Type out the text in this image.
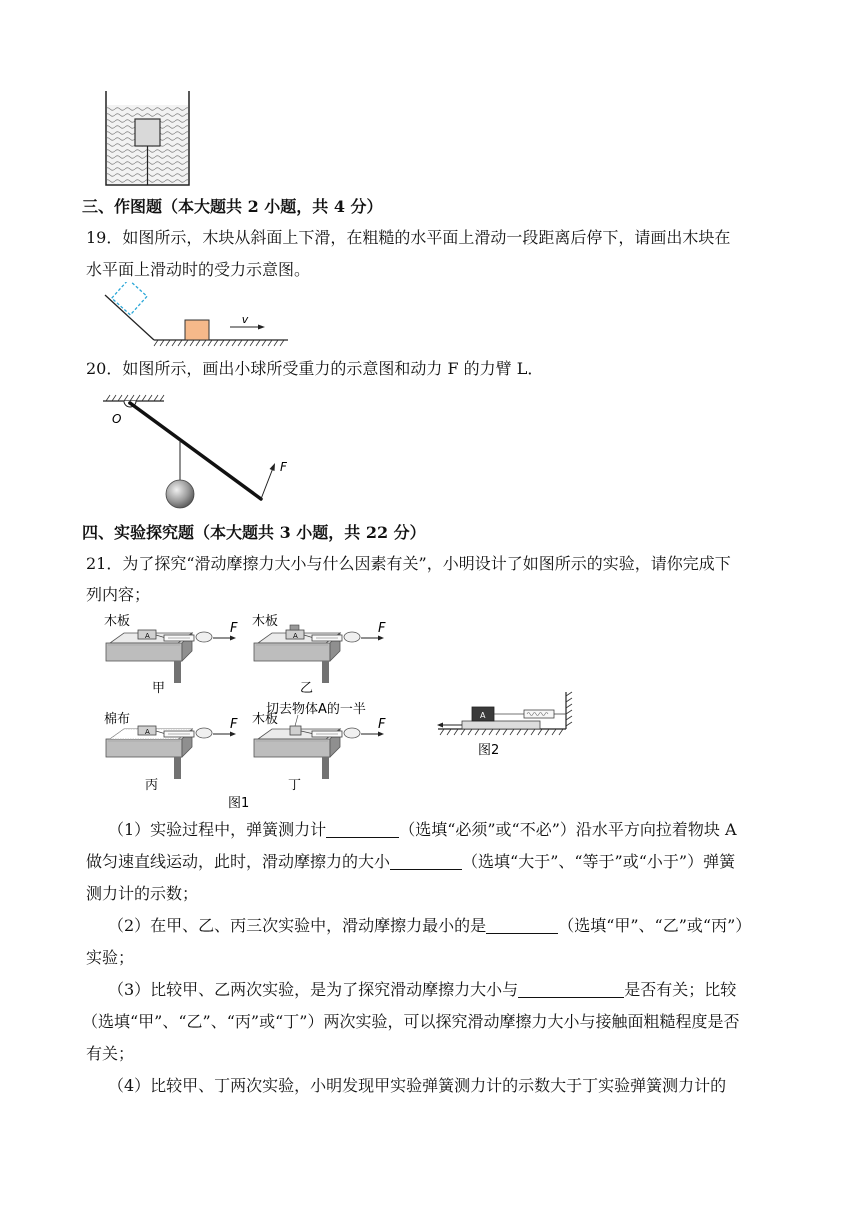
三、作图题（本大题共 2 小题，共 4 分）
19．如图所示，木块从斜面上下滑，在粗糙的水平面上滑动一段距离后停下，请画出木块在
水平面上滑动时的受力示意图。
v
20．如图所示，画出小球所受重力的示意图和动力 F 的力臂 L．
O
F
四、实验探究题（本大题共 3 小题，共 22 分）
21．为了探究“滑动摩擦力大小与什么因素有关”，小明设计了如图所示的实验，请你完成下
列内容；
A
木板	F
甲
A
木板	F
乙
A
棉布	F
丙
木板
切去物体A的一半
F
丁
图1
A
图2
（1）实验过程中，弹簧测力计	（选填“必须”或“不必”）沿水平方向拉着物块 A
做匀速直线运动，此时，滑动摩擦力的大小	（选填“大于”、“等于”或“小于”）弹簧
测力计的示数；
（2）在甲、乙、丙三次实验中，滑动摩擦力最小的是	（选填“甲”、“乙”或“丙”）
实验；
（3）比较甲、乙两次实验，是为了探究滑动摩擦力大小与	是否有关；比较
（选填“甲”、“乙”、“丙”或“丁”）两次实验，可以探究滑动摩擦力大小与接触面粗糙程度是否
有关；
（4）比较甲、丁两次实验，小明发现甲实验弹簧测力计的示数大于丁实验弹簧测力计的
